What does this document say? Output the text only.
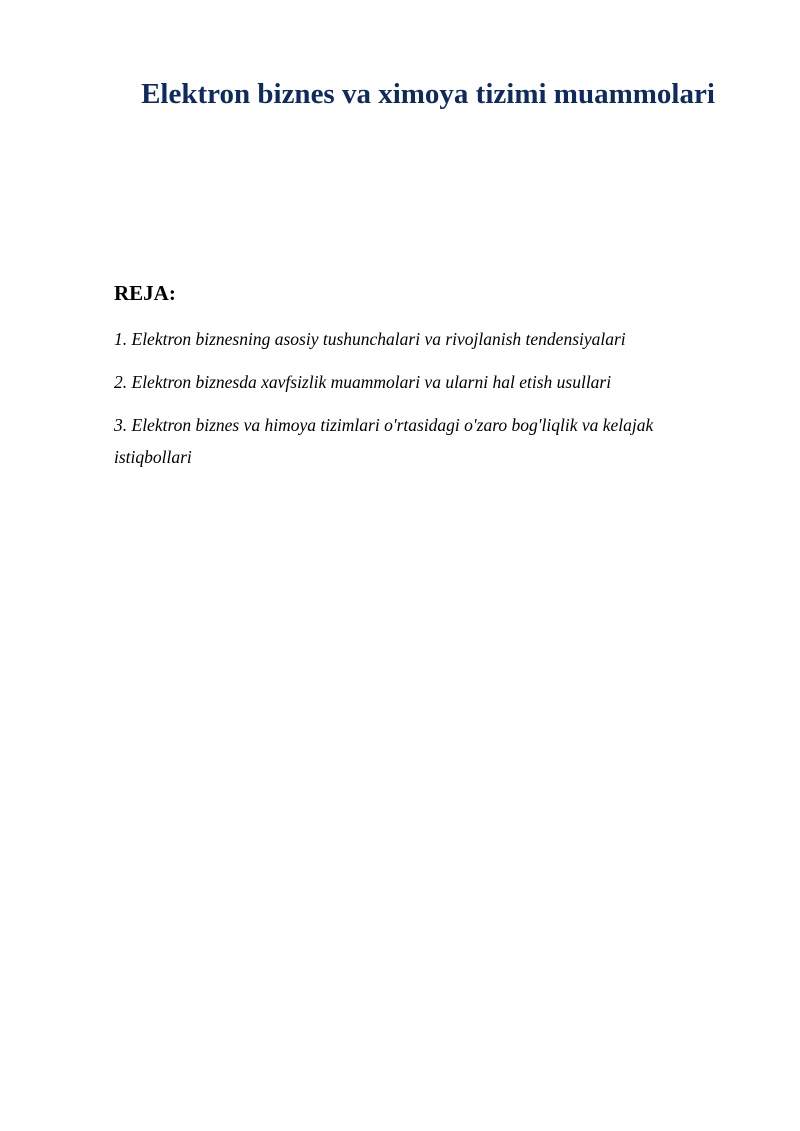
Elektron biznes va ximoya tizimi muammolari
REJA:
1. Elektron biznesning asosiy tushunchalari va rivojlanish tendensiyalari
2. Elektron biznesda xavfsizlik muammolari va ularni hal etish usullari
3. Elektron biznes va himoya tizimlari o'rtasidagi o'zaro bog'liqlik va kelajak istiqbollari
